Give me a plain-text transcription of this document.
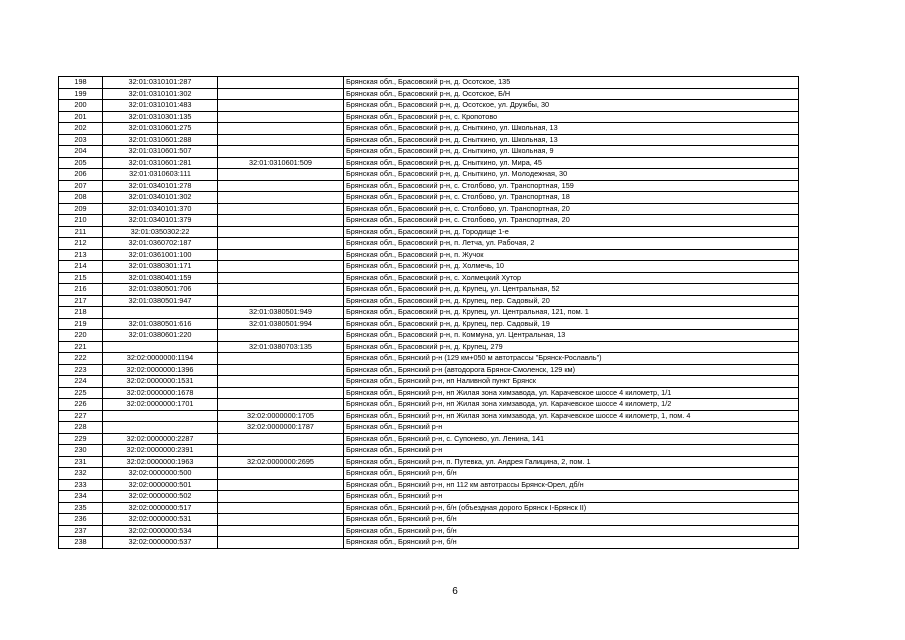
198	32:01:0310101:287		Брянская обл., Брасовский р-н, д. Осотское, 135
199	32:01:0310101:302		Брянская обл., Брасовский р-н, д. Осотское, Б/Н
200	32:01:0310101:483		Брянская обл., Брасовский р-н, д. Осотское, ул. Дружбы, 30
201	32:01:0310301:135		Брянская обл., Брасовский р-н, с. Кропотово
202	32:01:0310601:275		Брянская обл., Брасовский р-н, д. Сныткино, ул. Школьная, 13
203	32:01:0310601:288		Брянская обл., Брасовский р-н, д. Сныткино, ул. Школьная, 13
204	32:01:0310601:507		Брянская обл., Брасовский р-н, д. Сныткино, ул. Школьная, 9
205	32:01:0310601:281	32:01:0310601:509	Брянская обл., Брасовский р-н, д. Сныткино, ул. Мира, 45
206	32:01:0310603:111		Брянская обл., Брасовский р-н, д. Сныткино, ул. Молодежная, 30
207	32:01:0340101:278		Брянская обл., Брасовский р-н, с. Столбово, ул. Транспортная, 159
208	32:01:0340101:302		Брянская обл., Брасовский р-н, с. Столбово, ул. Транспортная, 18
209	32:01:0340101:370		Брянская обл., Брасовский р-н, с. Столбово, ул. Транспортная, 20
210	32:01:0340101:379		Брянская обл., Брасовский р-н, с. Столбово, ул. Транспортная, 20
211	32:01:0350302:22		Брянская обл., Брасовский р-н, д. Городище 1-е
212	32:01:0360702:187		Брянская обл., Брасовский р-н, п. Летча, ул. Рабочая, 2
213	32:01:0361001:100		Брянская обл., Брасовский р-н, п. Жучок
214	32:01:0380301:171		Брянская обл., Брасовский р-н, д. Холмечь, 10
215	32:01:0380401:159		Брянская обл., Брасовский р-н, с. Холмецкий Хутор
216	32:01:0380501:706		Брянская обл., Брасовский р-н, д. Крупец, ул. Центральная, 52
217	32:01:0380501:947		Брянская обл., Брасовский р-н, д. Крупец, пер. Садовый, 20
218		32:01:0380501:949	Брянская обл., Брасовский р-н, д. Крупец, ул. Центральная, 121, пом. 1
219	32:01:0380501:616	32:01:0380501:994	Брянская обл., Брасовский р-н, д. Крупец, пер. Садовый, 19
220	32:01:0380601:220		Брянская обл., Брасовский р-н, п. Коммуна, ул. Центральная, 13
221		32:01:0380703:135	Брянская обл., Брасовский р-н, д. Крупец, 279
222	32:02:0000000:1194		Брянская обл., Брянский р-н (129 км+050 м автотрассы "Брянск-Рославль")
223	32:02:0000000:1396		Брянская обл., Брянский р-н (автодорога Брянск-Смоленск, 129 км)
224	32:02:0000000:1531		Брянская обл., Брянский р-н, нп Наливной пункт Брянск
225	32:02:0000000:1678		Брянская обл., Брянский р-н, нп Жилая зона химзавода, ул. Карачевское шоссе 4 километр, 1/1
226	32:02:0000000:1701		Брянская обл., Брянский р-н, нп Жилая зона химзавода, ул. Карачевское шоссе 4 километр, 1/2
227		32:02:0000000:1705	Брянская обл., Брянский р-н, нп Жилая зона химзавода, ул. Карачевское шоссе 4 километр, 1, пом. 4
228		32:02:0000000:1787	Брянская обл., Брянский р-н
229	32:02:0000000:2287		Брянская обл., Брянский р-н, с. Супонево, ул. Ленина, 141
230	32:02:0000000:2391		Брянская обл., Брянский р-н
231	32:02:0000000:1963	32:02:0000000:2695	Брянская обл., Брянский р-н, п. Путевка, ул. Андрея Галицина, 2, пом. 1
232	32:02:0000000:500		Брянская обл., Брянский р-н, б/н
233	32:02:0000000:501		Брянская обл., Брянский р-н, нп 112 км автотрассы Брянск-Орел, дб/н
234	32:02:0000000:502		Брянская обл., Брянский р-н
235	32:02:0000000:517		Брянская обл., Брянский р-н, б/н (объездная дорого Брянск I-Брянск II)
236	32:02:0000000:531		Брянская обл., Брянский р-н, б/н
237	32:02:0000000:534		Брянская обл., Брянский р-н, б/н
238	32:02:0000000:537		Брянская обл., Брянский р-н, б/н
6
